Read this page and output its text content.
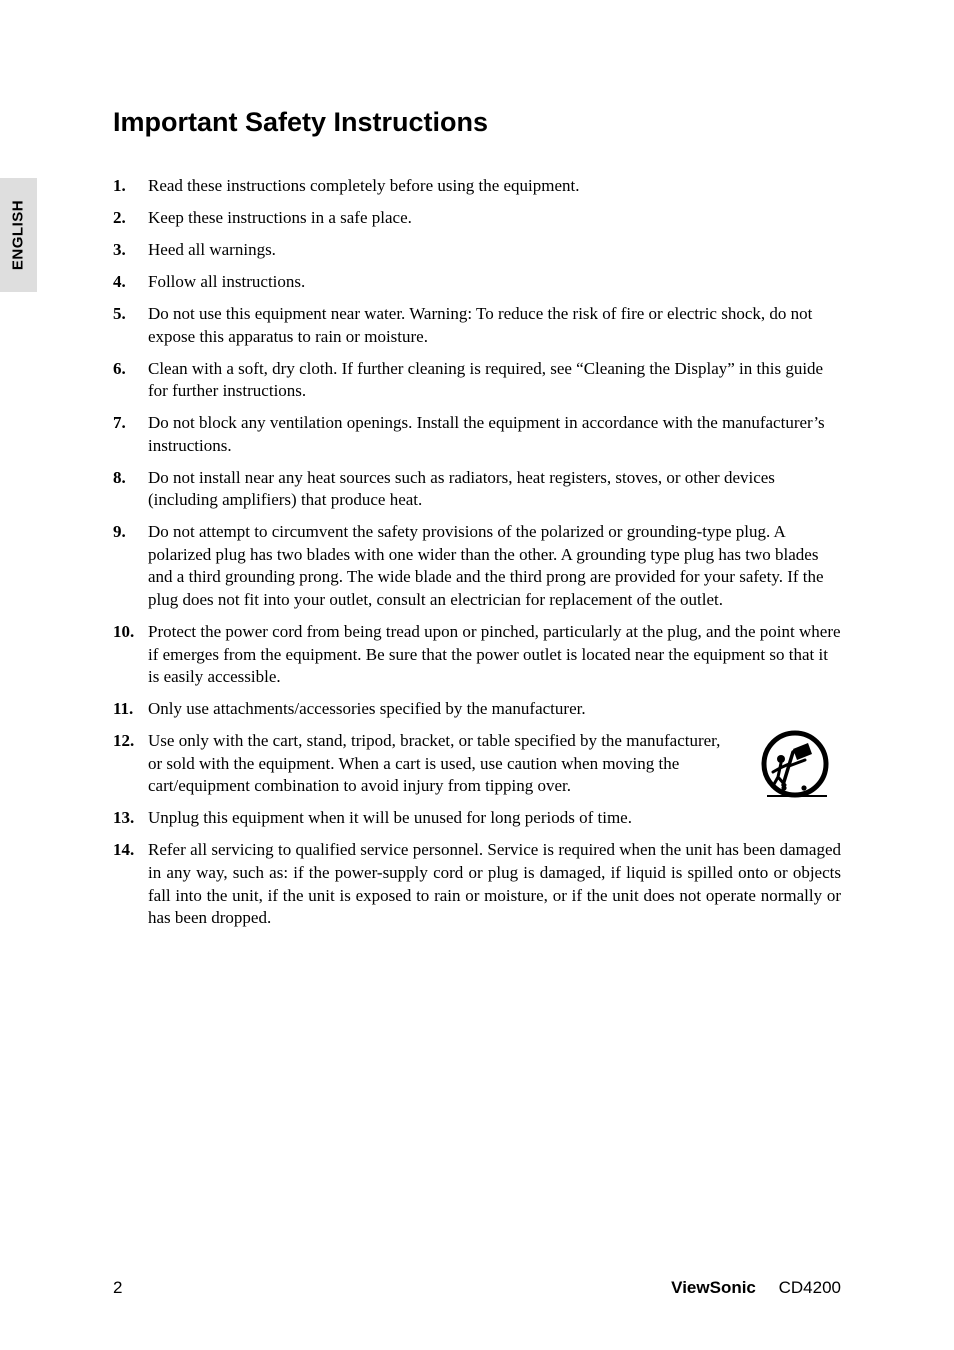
ENGLISH
Important Safety Instructions
1. Read these instructions completely before using the equipment.
2. Keep these instructions in a safe place.
3. Heed all warnings.
4. Follow all instructions.
5. Do not use this equipment near water. Warning: To reduce the risk of fire or electric shock, do not expose this apparatus to rain or moisture.
6. Clean with a soft, dry cloth. If further cleaning is required, see “Cleaning the Display” in this guide for further instructions.
7. Do not block any ventilation openings. Install the equipment in accordance with the manufacturer’s instructions.
8. Do not install near any heat sources such as radiators, heat registers, stoves, or other devices (including amplifiers) that produce heat.
9. Do not attempt to circumvent the safety provisions of the polarized or grounding-type plug. A polarized plug has two blades with one wider than the other. A grounding type plug has two blades and a third grounding prong. The wide blade and the third prong are provided for your safety. If the plug does not fit into your outlet, consult an electrician for replacement of the outlet.
10. Protect the power cord from being tread upon or pinched, particularly at the plug, and the point where if emerges from the equipment. Be sure that the power outlet is located near the equipment so that it is easily accessible.
11. Only use attachments/accessories specified by the manufacturer.
12. Use only with the cart, stand, tripod, bracket, or table specified by the manufacturer, or sold with the equipment. When a cart is used, use caution when moving the cart/equipment combination to avoid injury from tipping over.
13. Unplug this equipment when it will be unused for long periods of time.
14. Refer all servicing to qualified service personnel. Service is required when the unit has been damaged in any way, such as: if the power-supply cord or plug is damaged, if liquid is spilled onto or objects fall into the unit, if the unit is exposed to rain or moisture, or if the unit does not operate normally or has been dropped.
2	ViewSonic CD4200
